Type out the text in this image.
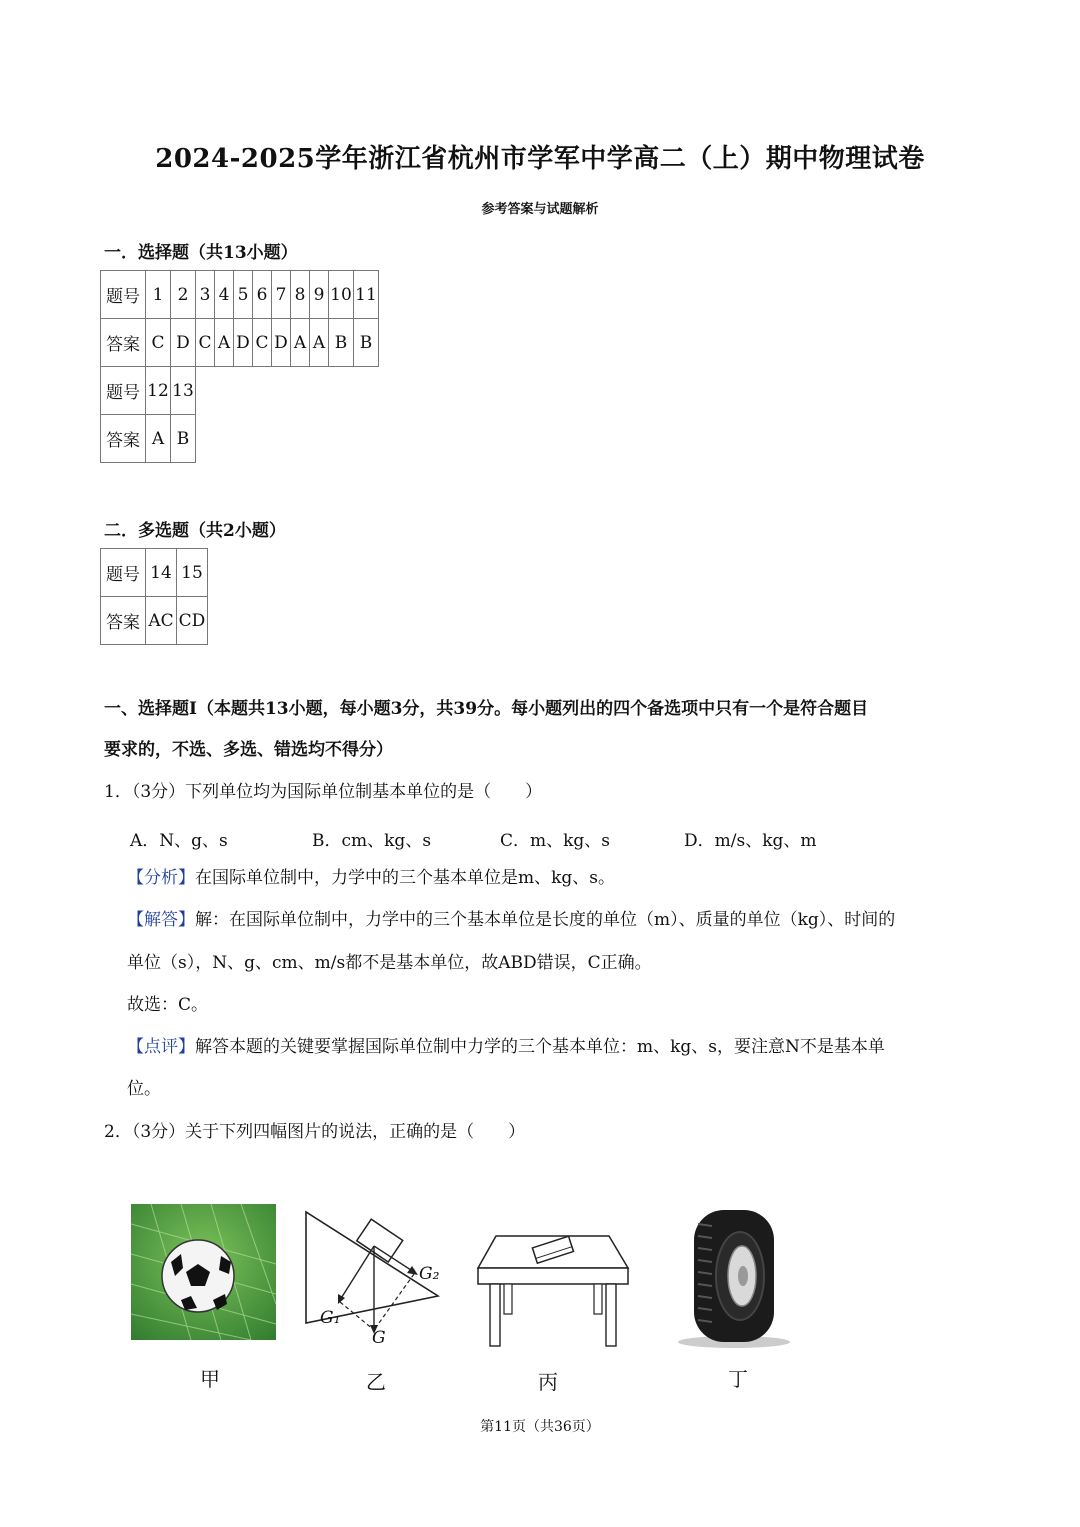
2024-2025学年浙江省杭州市学军中学高二（上）期中物理试卷
参考答案与试题解析
一．选择题（共13小题）
题号	1	2	3	4	5	6	7	8	9	10	11
答案	C	D	C	A	D	C	D	A	A	B	B
题号	12	13
答案	A	B
二．多选题（共2小题）
题号	14	15
答案	AC	CD
一、选择题I（本题共13小题，每小题3分，共39分。每小题列出的四个备选项中只有一个是符合题目
要求的，不选、多选、错选均不得分）
1．（3分）下列单位均为国际单位制基本单位的是（　　）
A．N、g、s	B．cm、kg、s	C．m、kg、s	D．m/s、kg、m
【分析】在国际单位制中，力学中的三个基本单位是m、kg、s。
【解答】解：在国际单位制中，力学中的三个基本单位是长度的单位（m）、质量的单位（kg）、时间的
单位（s），N、g、cm、m/s都不是基本单位，故ABD错误，C正确。
故选：C。
【点评】解答本题的关键要掌握国际单位制中力学的三个基本单位：m、kg、s，要注意N不是基本单
位。
2．（3分）关于下列四幅图片的说法，正确的是（　　）
G₂
G₁
G
甲	乙	丙	丁
第11页（共36页）
